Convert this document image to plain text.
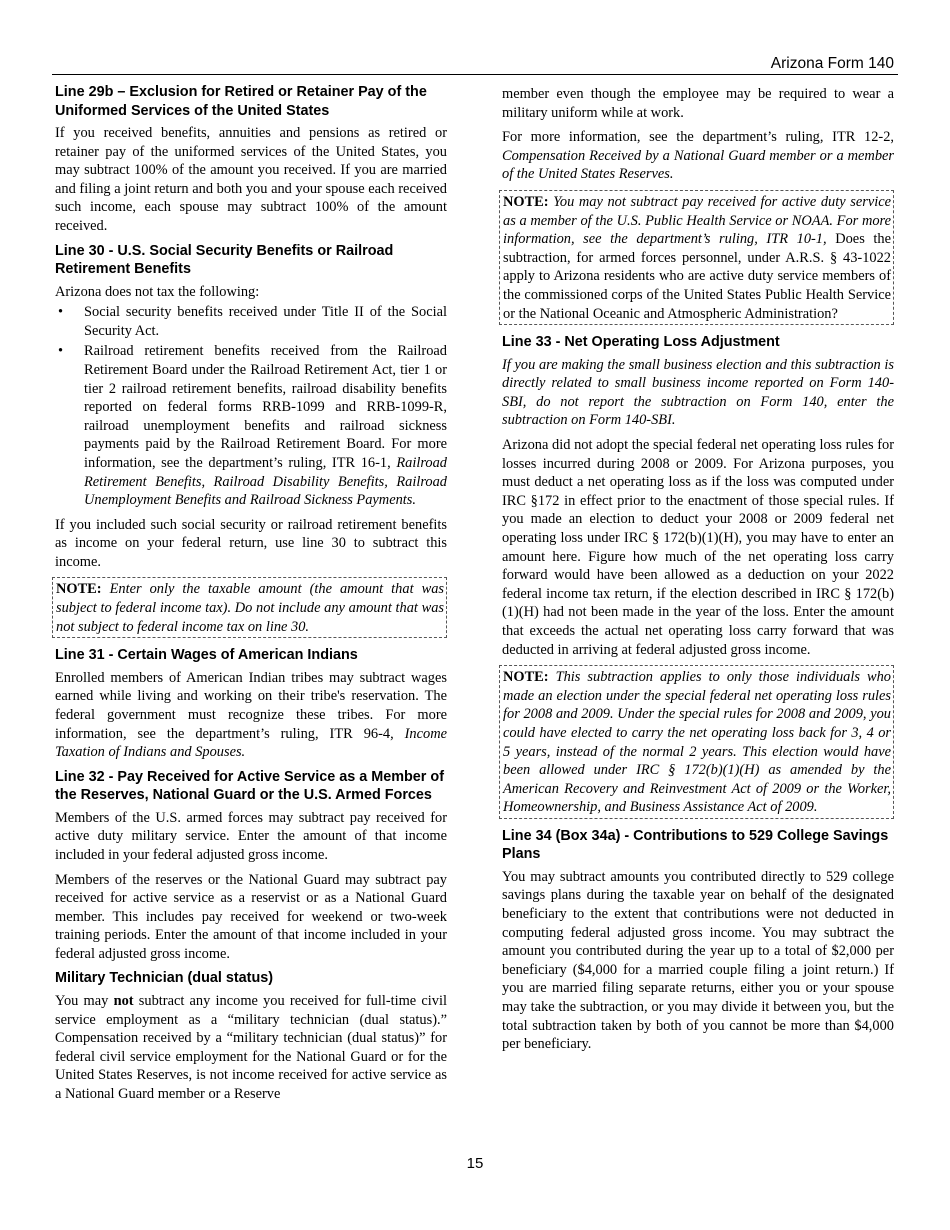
Arizona Form 140
Line 29b – Exclusion for Retired or Retainer Pay of the Uniformed Services of the United States

If you received benefits, annuities and pensions as retired or retainer pay of the uniformed services of the United States, you may subtract 100% of the amount you received. If you are married and filing a joint return and both you and your spouse each received such income, each spouse may subtract 100% of the amount received.

Line 30 - U.S. Social Security Benefits or Railroad Retirement Benefits

Arizona does not tax the following:

• Social security benefits received under Title II of the Social Security Act.
• Railroad retirement benefits received from the Railroad Retirement Board under the Railroad Retirement Act, tier 1 or tier 2 railroad retirement benefits, railroad disability benefits reported on federal forms RRB-1099 and RRB-1099-R, railroad unemployment benefits and railroad sickness payments paid by the Railroad Retirement Board. For more information, see the department’s ruling, ITR 16-1, Railroad Retirement Benefits, Railroad Disability Benefits, Railroad Unemployment Benefits and Railroad Sickness Payments.

If you included such social security or railroad retirement benefits as income on your federal return, use line 30 to subtract this income.

NOTE: Enter only the taxable amount (the amount that was subject to federal income tax). Do not include any amount that was not subject to federal income tax on line 30.

Line 31 - Certain Wages of American Indians

Enrolled members of American Indian tribes may subtract wages earned while living and working on their tribe's reservation. The federal government must recognize these tribes. For more information, see the department’s ruling, ITR 96-4, Income Taxation of Indians and Spouses.

Line 32 - Pay Received for Active Service as a Member of the Reserves, National Guard or the U.S. Armed Forces

Members of the U.S. armed forces may subtract pay received for active duty military service. Enter the amount of that income included in your federal adjusted gross income.

Members of the reserves or the National Guard may subtract pay received for active service as a reservist or as a National Guard member. This includes pay received for weekend or two-week training periods. Enter the amount of that income included in your federal adjusted gross income.

Military Technician (dual status)

You may not subtract any income you received for full-time civil service employment as a “military technician (dual status).” Compensation received by a “military technician (dual status)” for federal civil service employment for the National Guard or for the United States Reserves, is not income received for active service as a National Guard member or a Reserve

member even though the employee may be required to wear a military uniform while at work.

For more information, see the department’s ruling, ITR 12-2, Compensation Received by a National Guard member or a member of the United States Reserves.

NOTE: You may not subtract pay received for active duty service as a member of the U.S. Public Health Service or NOAA. For more information, see the department’s ruling, ITR 10-1, Does the subtraction, for armed forces personnel, under A.R.S. § 43-1022 apply to Arizona residents who are active duty service members of the commissioned corps of the United States Public Health Service or the National Oceanic and Atmospheric Administration?

Line 33 - Net Operating Loss Adjustment

If you are making the small business election and this subtraction is directly related to small business income reported on Form 140-SBI, do not report the subtraction on Form 140, enter the subtraction on Form 140-SBI.

Arizona did not adopt the special federal net operating loss rules for losses incurred during 2008 or 2009. For Arizona purposes, you must deduct a net operating loss as if the loss was computed under IRC §172 in effect prior to the enactment of those special rules. If you made an election to deduct your 2008 or 2009 federal net operating loss under IRC § 172(b)(1)(H), you may have to enter an amount here. Figure how much of the net operating loss carry forward would have been allowed as a deduction on your 2022 federal income tax return, if the election described in IRC § 172(b)(1)(H) had not been made in the year of the loss. Enter the amount that exceeds the actual net operating loss carry forward that was deducted in arriving at federal adjusted gross income.

NOTE: This subtraction applies to only those individuals who made an election under the special federal net operating loss rules for 2008 and 2009. Under the special rules for 2008 and 2009, you could have elected to carry the net operating loss back for 3, 4 or 5 years, instead of the normal 2 years. This election would have been allowed under IRC § 172(b)(1)(H) as amended by the American Recovery and Reinvestment Act of 2009 or the Worker, Homeownership, and Business Assistance Act of 2009.

Line 34 (Box 34a) - Contributions to 529 College Savings Plans

You may subtract amounts you contributed directly to 529 college savings plans during the taxable year on behalf of the designated beneficiary to the extent that contributions were not deducted in computing federal adjusted gross income. You may subtract the amount you contributed during the year up to a total of $2,000 per beneficiary ($4,000 for a married couple filing a joint return.) If you are married filing separate returns, either you or your spouse may take the subtraction, or you may divide it between you, but the total subtraction taken by both of you cannot be more than $4,000 per beneficiary.

15
